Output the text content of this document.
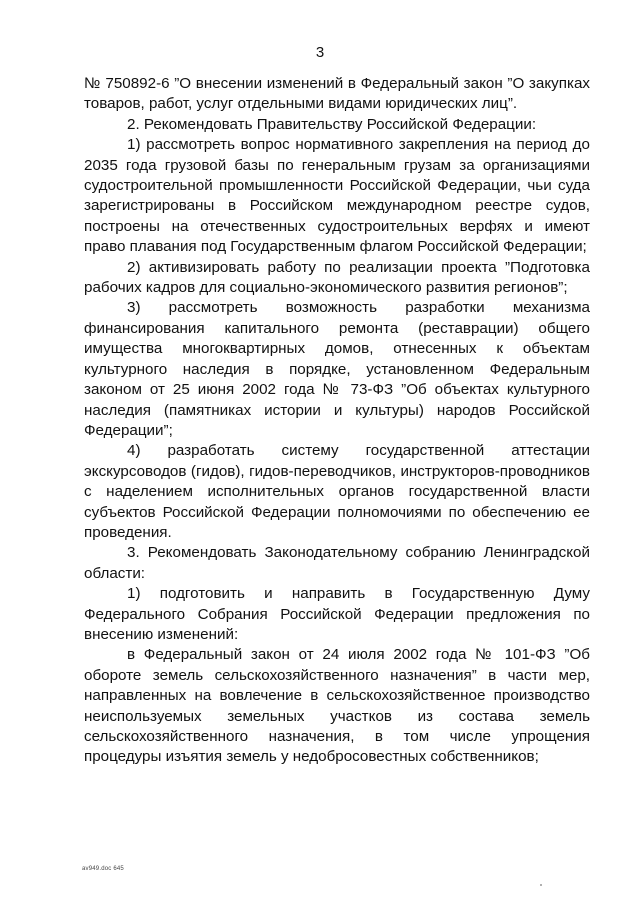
3

№ 750892-6 ”О внесении изменений в Федеральный закон ”О закупках товаров, работ, услуг отдельными видами юридических лиц”.

2. Рекомендовать Правительству Российской Федерации:

1) рассмотреть вопрос нормативного закрепления на период до 2035 года грузовой базы по генеральным грузам за организациями судостроительной промышленности Российской Федерации, чьи суда зарегистрированы в Российском международном реестре судов, построены на отечественных судостроительных верфях и имеют право плавания под Государственным флагом Российской Федерации;

2) активизировать работу по реализации проекта ”Подготовка рабочих кадров для социально-экономического развития регионов”;

3) рассмотреть возможность разработки механизма финансирования капитального ремонта (реставрации) общего имущества многоквартирных домов, отнесенных к объектам культурного наследия в порядке, установленном Федеральным законом от 25 июня 2002 года № 73-ФЗ ”Об объектах культурного наследия (памятниках истории и культуры) народов Российской Федерации”;

4) разработать систему государственной аттестации экскурсоводов (гидов), гидов-переводчиков, инструкторов-проводников с наделением исполнительных органов государственной власти субъектов Российской Федерации полномочиями по обеспечению ее проведения.

3. Рекомендовать Законодательному собранию Ленинградской области:

1) подготовить и направить в Государственную Думу Федерального Собрания Российской Федерации предложения по внесению изменений:

в Федеральный закон от 24 июля 2002 года № 101-ФЗ ”Об обороте земель сельскохозяйственного назначения” в части мер, направленных на вовлечение в сельскохозяйственное производство неиспользуемых земельных участков из состава земель сельскохозяйственного назначения, в том числе упрощения процедуры изъятия земель у недобросовестных собственников;

av949.doc 645
